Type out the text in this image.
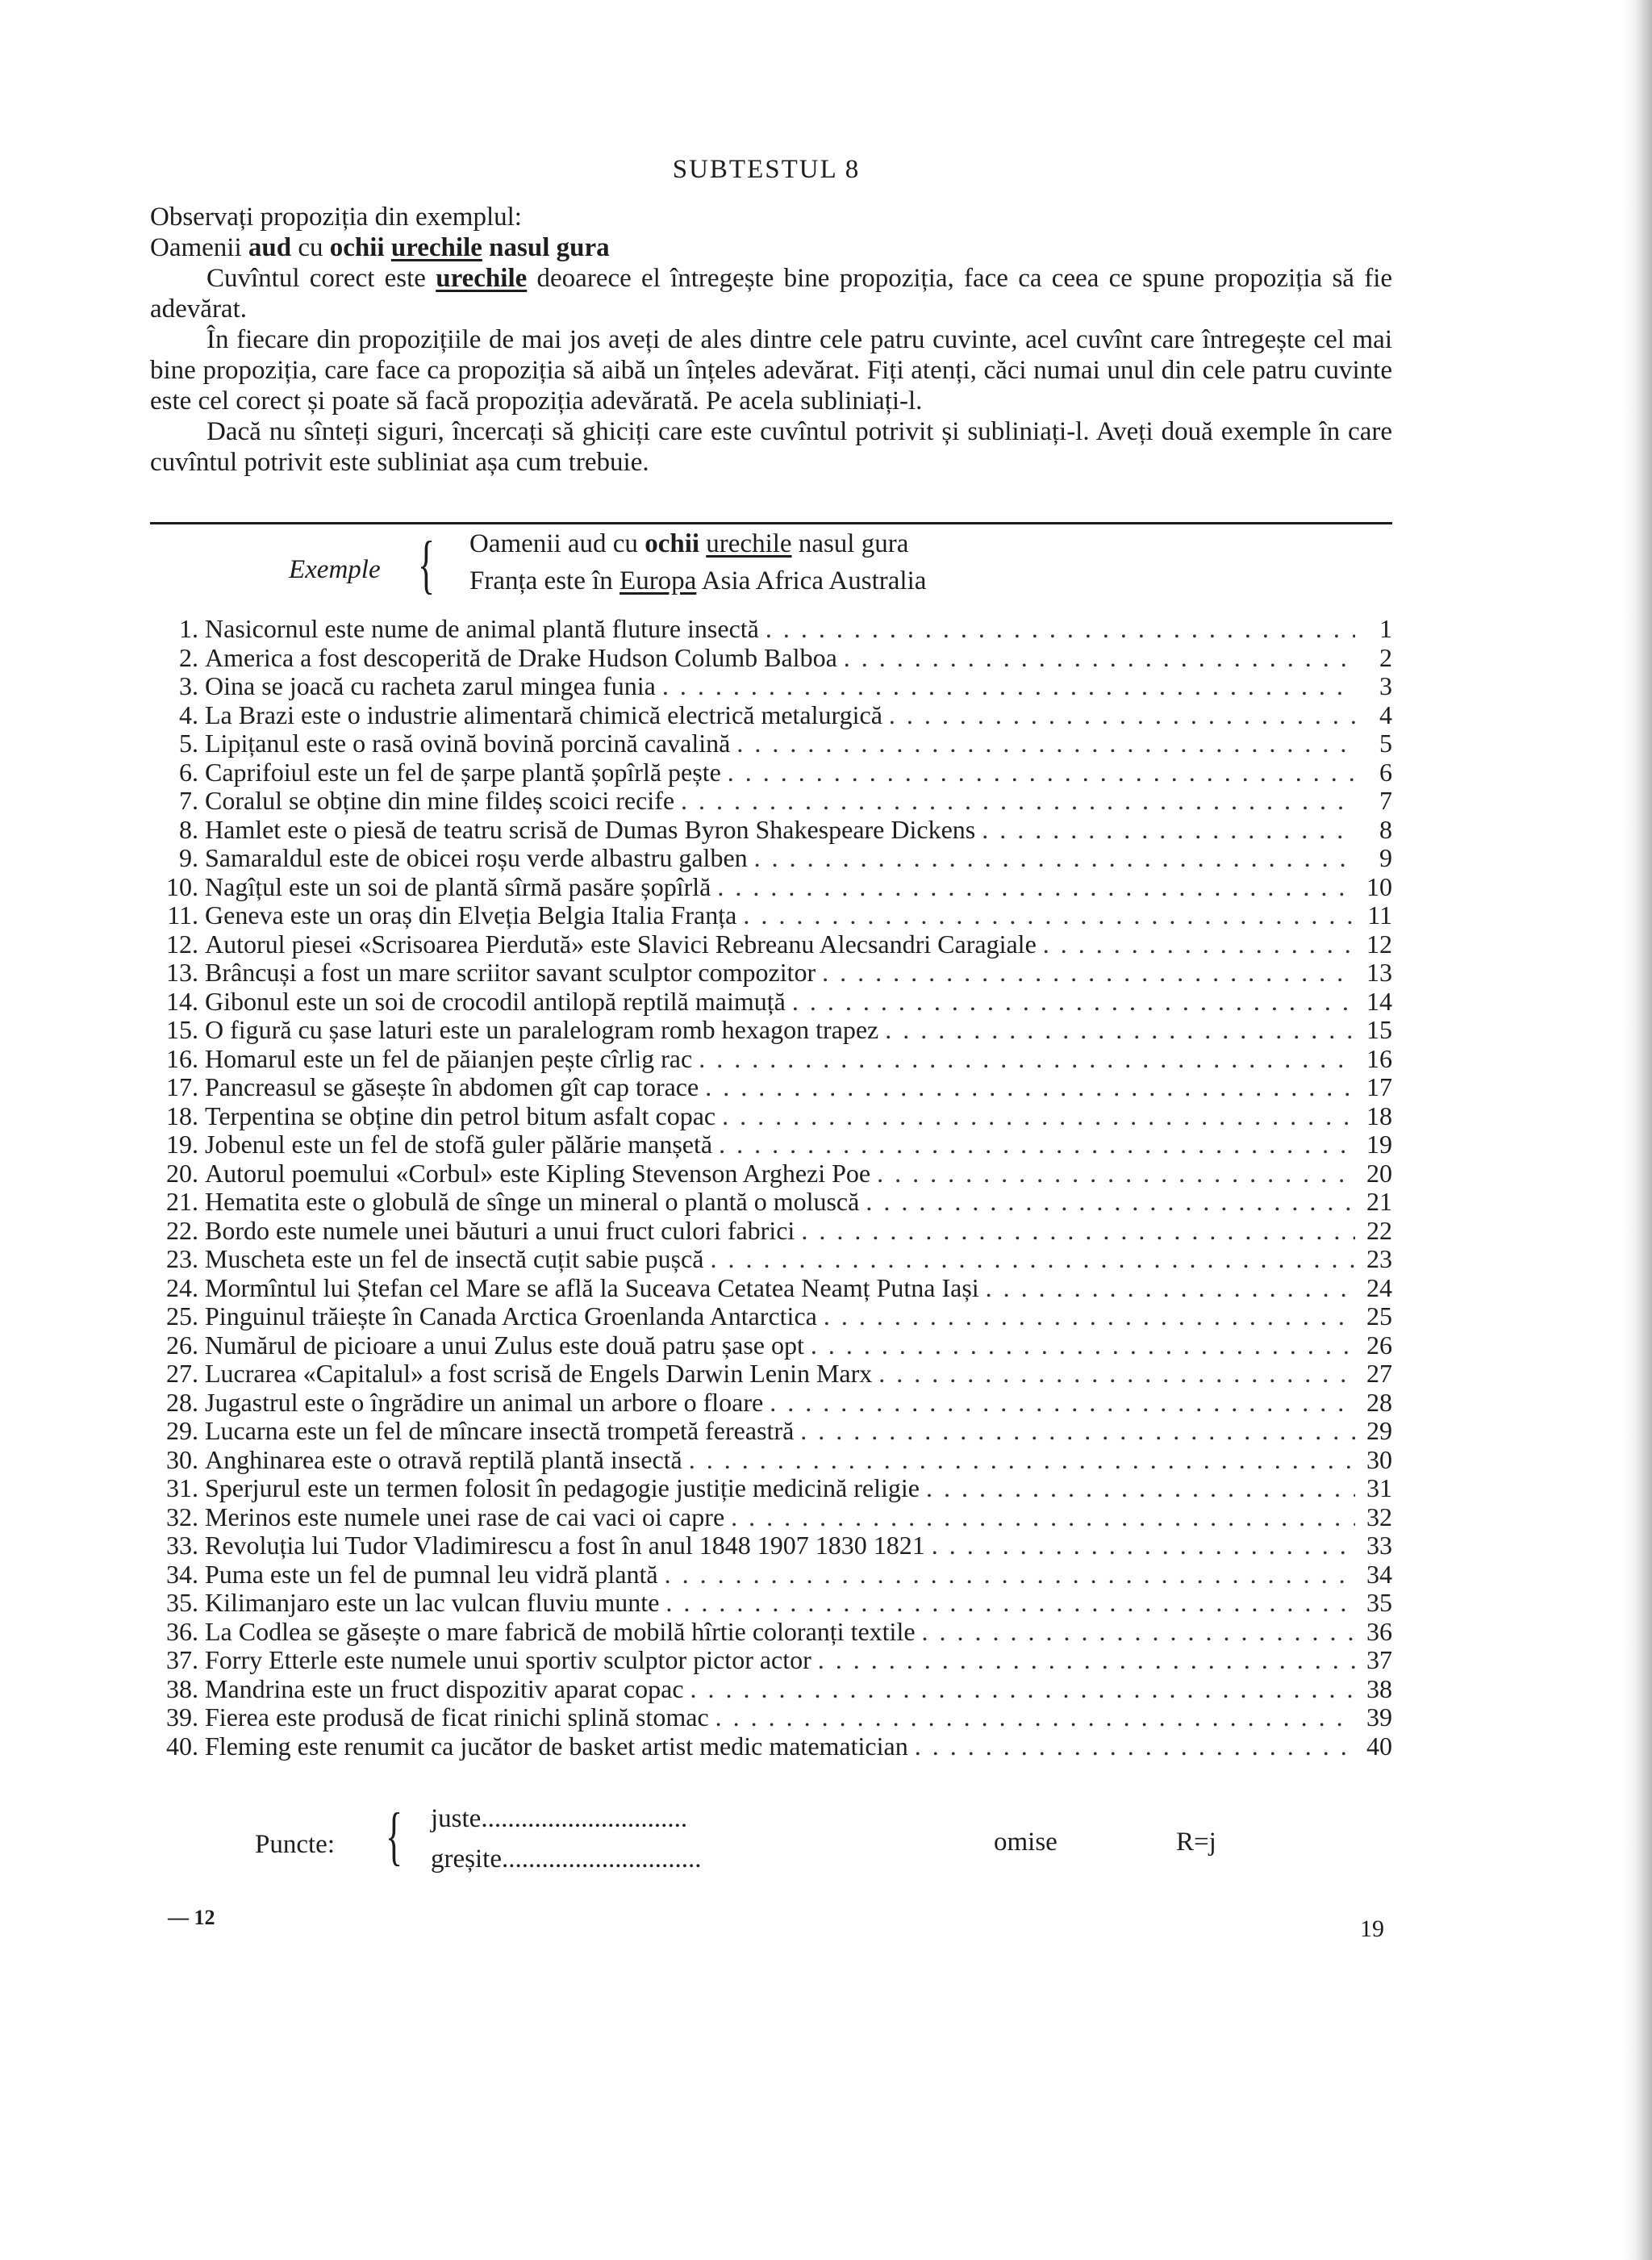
SUBTESTUL 8

Observați propoziția din exemplul:

Oamenii aud cu ochii urechile nasul gura

Cuvîntul corect este urechile deoarece el întregește bine propoziția, face ca ceea ce spune propoziția să fie adevărat.

În fiecare din propozițiile de mai jos aveți de ales dintre cele patru cuvinte, acel cuvînt care întregește cel mai bine propoziția, care face ca propoziția să aibă un înțeles adevărat. Fiți atenți, căci numai unul din cele patru cuvinte este cel corect și poate să facă propoziția adevărată. Pe acela subliniați-l.

Dacă nu sînteți siguri, încercați să ghiciți care este cuvîntul potrivit și subliniați-l. Aveți două exemple în care cuvîntul potrivit este subliniat așa cum trebuie.

Exemple { Oamenii aud cu ochii urechile nasul gura
Franța este în Europa Asia Africa Australia
1. Nasicornul este nume de animal plantă fluture insectă . . .	1
2. America a fost descoperită de Drake Hudson Columb Balboa . . .	2
3. Oina se joacă cu racheta zarul mingea funia . . .	3
4. La Brazi este o industrie alimentară chimică electrică metalurgică . . .	4
5. Lipițanul este o rasă ovină bovină porcină cavalină . . .	5
6. Caprifoiul este un fel de șarpe plantă șopîrlă pește . . .	6
7. Coralul se obține din mine fildeș scoici recife . . .	7
8. Hamlet este o piesă de teatru scrisă de Dumas Byron Shakespeare Dickens . . .	8
9. Samaraldul este de obicei roșu verde albastru galben . . .	9
10. Nagîțul este un soi de plantă sîrmă pasăre șopîrlă . . .	10
11. Geneva este un oraș din Elveția Belgia Italia Franța . . .	11
12. Autorul piesei «Scrisoarea Pierdută» este Slavici Rebreanu Alecsandri Caragiale . . .	12
13. Brâncuși a fost un mare scriitor savant sculptor compozitor . . .	13
14. Gibonul este un soi de crocodil antilopă reptilă maimuță . . .	14
15. O figură cu șase laturi este un paralelogram romb hexagon trapez . . .	15
16. Homarul este un fel de păianjen pește cîrlig rac . . .	16
17. Pancreasul se găsește în abdomen gît cap torace . . .	17
18. Terpentina se obține din petrol bitum asfalt copac . . .	18
19. Jobenul este un fel de stofă guler pălărie manșetă . . .	19
20. Autorul poemului «Corbul» este Kipling Stevenson Arghezi Poe . . .	20
21. Hematita este o globulă de sînge un mineral o plantă o moluscă . . .	21
22. Bordo este numele unei băuturi a unui fruct culori fabrici . . .	22
23. Muscheta este un fel de insectă cuțit sabie pușcă . . .	23
24. Mormîntul lui Ștefan cel Mare se află la Suceava Cetatea Neamț Putna Iași . . .	24
25. Pinguinul trăiește în Canada Arctica Groenlanda Antarctica . . .	25
26. Numărul de picioare a unui Zulus este două patru șase opt . . .	26
27. Lucrarea «Capitalul» a fost scrisă de Engels Darwin Lenin Marx . . .	27
28. Jugastrul este o îngrădire un animal un arbore o floare . . .	28
29. Lucarna este un fel de mîncare insectă trompetă fereastră . . .	29
30. Anghinarea este o otravă reptilă plantă insectă . . .	30
31. Sperjurul este un termen folosit în pedagogie justiție medicină religie . . .	31
32. Merinos este numele unei rase de cai vaci oi capre . . .	32
33. Revoluția lui Tudor Vladimirescu a fost în anul 1848 1907 1830 1821 . . .	33
34. Puma este un fel de pumnal leu vidră plantă . . .	34
35. Kilimanjaro este un lac vulcan fluviu munte . . .	35
36. La Codlea se găsește o mare fabrică de mobilă hîrtie coloranți textile . . .	36
37. Forry Etterle este numele unui sportiv sculptor pictor actor . . .	37
38. Mandrina este un fruct dispozitiv aparat copac . . .	38
39. Fierea este produsă de ficat rinichi splină stomac . . .	39
40. Fleming este renumit ca jucător de basket artist medic matematician . . .	40
Puncte: { juste...............................
greșite..............................
omise	R=j
— 12	19
